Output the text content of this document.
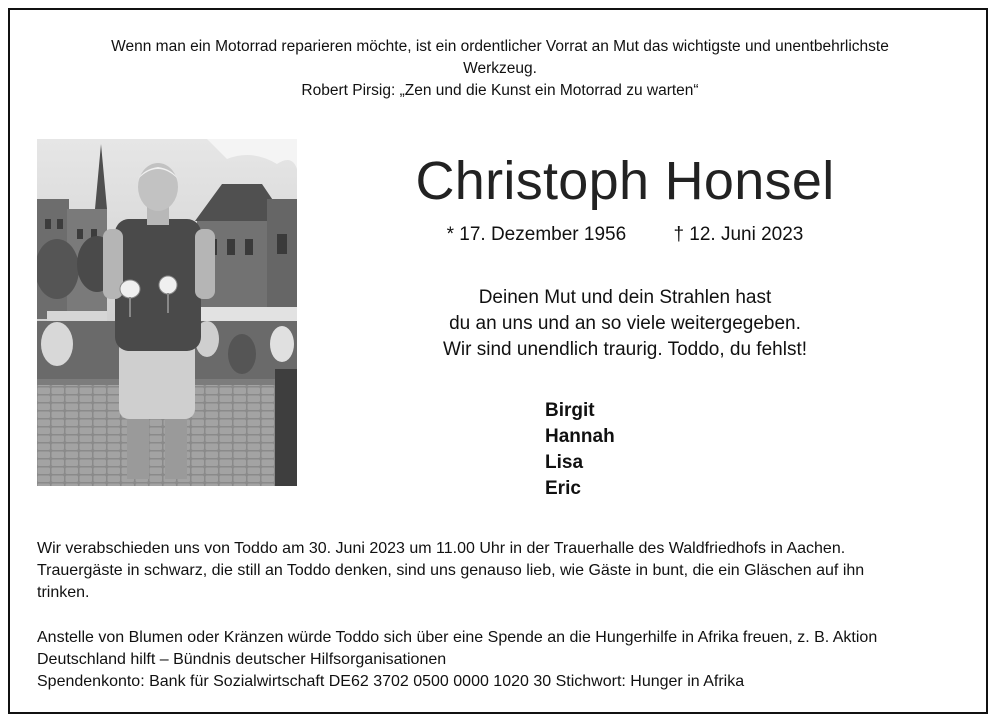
Wenn man ein Motorrad reparieren möchte, ist ein ordentlicher Vorrat an Mut das wichtigste und unentbehrlichste

Werkzeug.

Robert Pirsig: „Zen und die Kunst ein Motorrad zu warten“

Christoph Honsel
* 17. Dezember 1956 † 12. Juni 2023

Deinen Mut und dein Strahlen hast

du an uns und an so viele weitergegeben.

Wir sind unendlich traurig. Toddo, du fehlst!

Birgit
Hannah
Lisa
Eric

Wir verabschieden uns von Toddo am 30. Juni 2023 um 11.00 Uhr in der Trauerhalle des Waldfriedhofs in Aachen.

Trauergäste in schwarz, die still an Toddo denken, sind uns genauso lieb, wie Gäste in bunt, die ein Gläschen auf ihn

trinken.

Anstelle von Blumen oder Kränzen würde Toddo sich über eine Spende an die Hungerhilfe in Afrika freuen, z. B. Aktion

Deutschland hilft – Bündnis deutscher Hilfsorganisationen

Spendenkonto: Bank für Sozialwirtschaft DE62 3702 0500 0000 1020 30 Stichwort: Hunger in Afrika
